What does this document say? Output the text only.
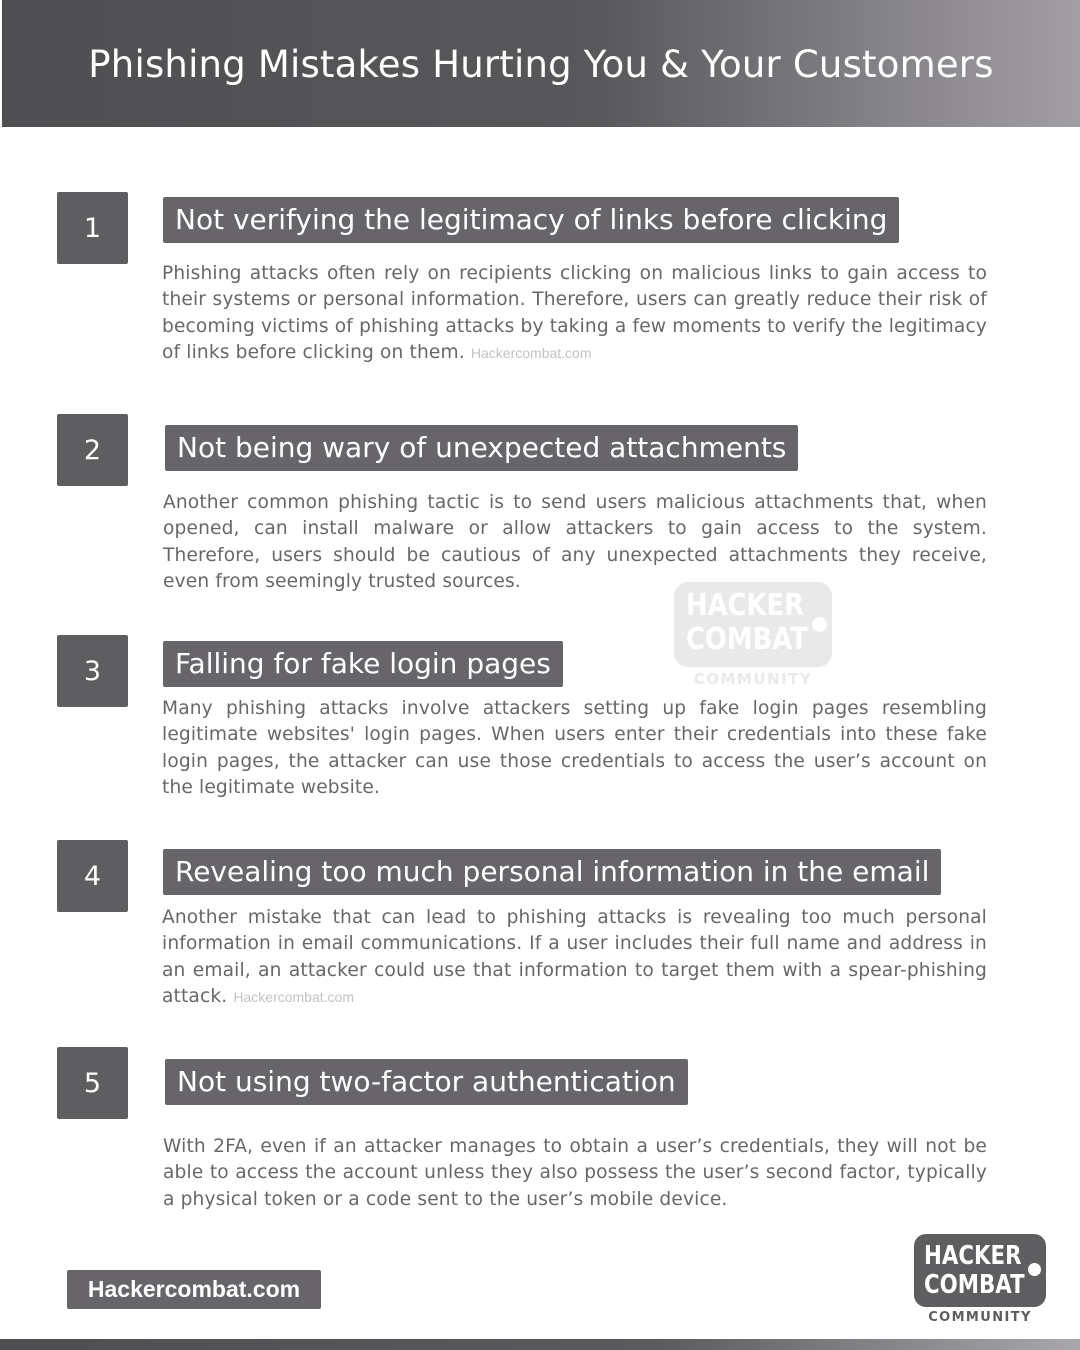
Phishing Mistakes Hurting You & Your Customers
HACKER
COMBAT
COMMUNITY
1	Not verifying the legitimacy of links before clicking

Phishing attacks often rely on recipients clicking on malicious links to gain access to their systems or personal information. Therefore, users can greatly reduce their risk of becoming victims of phishing attacks by taking a few moments to verify the legitimacy of links before clicking on them. Hackercombat.com

2	Not being wary of unexpected attachments

Another common phishing tactic is to send users malicious attachments that, when opened, can install malware or allow attackers to gain access to the system. Therefore, users should be cautious of any unexpected attachments they receive, even from seemingly trusted sources.

3	Falling for fake login pages

Many phishing attacks involve attackers setting up fake login pages resembling legitimate websites' login pages. When users enter their credentials into these fake login pages, the attacker can use those credentials to access the user’s account on the legitimate website.

4	Revealing too much personal information in the email

Another mistake that can lead to phishing attacks is revealing too much personal information in email communications. If a user includes their full name and address in an email, an attacker could use that information to target them with a spear-phishing attack. Hackercombat.com

5	Not using two-factor authentication

With 2FA, even if an attacker manages to obtain a user’s credentials, they will not be able to access the account unless they also possess the user’s second factor, typically a physical token or a code sent to the user’s mobile device.

Hackercombat.com
HACKER
COMBAT
COMMUNITY
